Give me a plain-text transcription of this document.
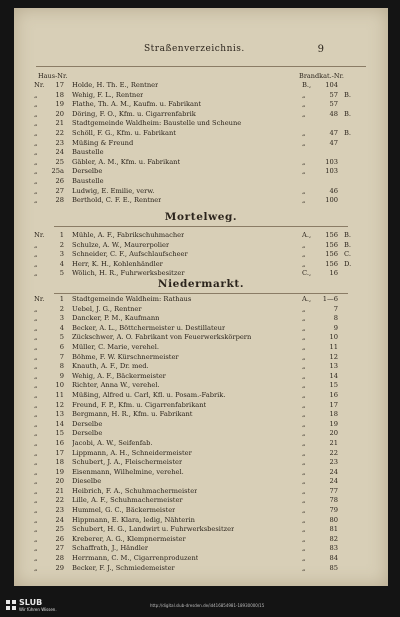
Straßenverzeichnis.	9
Haus-Nr.	Brandkat.-Nr.
Nr.	17 Holde, H. Th. E., Rentner	B.,	104
„	18 Wehig, F. L., Rentner	„	57 B.
„	19 Flathe, Th. A. M., Kaufm. u. Fabrikant	„	57
„	20 Döring, F. O., Kfm. u. Cigarrenfabrik	„	48 B.
„	21 Stadtgemeinde Waldheim: Baustelle und Scheune
„	22 Schöll, F. G., Kfm. u. Fabrikant	„	47 B.
„	23 Müßing & Freund	„	47
„	24 Baustelle
„	25 Gäbler, A. M., Kfm. u. Fabrikant	„	103
„	25a Derselbe	„	103
„	26 Baustelle
„	27 Ludwig, E. Emilie, verw.	„	46
„	28 Berthold, C. F. E., Rentner	„	100
Mortelweg.
Nr.	1 Mühle, A. F., Fabrikschuhmacher	A.,	156 B.
„	2 Schulze, A. W., Maurerpolier	„	156 B.
„	3 Schneider, C. F., Aufschlaufscheer	„	156 C.
„	4 Herr, K. H., Kohlenhändler	„	156 D.
„	5 Wölich, H. R., Fuhrwerksbesitzer	C.,	16
Niedermarkt.
Nr.	1 Stadtgemeinde Waldheim: Rathaus	A.,	1—6
„	2 Uebel, J. G., Rentner	„	7
„	3 Dancker, P. M., Kaufmann	„	8
„	4 Becker, A. L., Böttchermeister u. Destillateur	„	9
„	5 Zückschwer, A. O. Fabrikant von Feuerwerkskörpern	„	10
„	6 Müller, C. Marie, verehel.	„	11
„	7 Böhme, F. W. Kürschnermeister	„	12
„	8 Knauth, A. F., Dr. med.	„	13
„	9 Wehig, A. F., Bäckermeister	„	14
„	10 Richter, Anna W., verehel.	„	15
„	11 Müßing, Alfred u. Carl, Kfl. u. Posam.-Fabrik.	„	16
„	12 Freund, F. P., Kfm. u. Cigarrenfabrikant	„	17
„	13 Bergmann, H. R., Kfm. u. Fabrikant	„	18
„	14 Derselbe	„	19
„	15 Derselbe	„	20
„	16 Jacobi, A. W., Seifenfab.	„	21
„	17 Lippmann, A. H., Schneidermeister	„	22
„	18 Schubert, J. A., Fleischermeister	„	23
„	19 Eisenmann, Wilhelmine, verehel.	„	24
„	20 Dieselbe	„	24
„	21 Heibrich, F. A., Schuhmachermeister	„	77
„	22 Lille, A. F., Schuhmachermeister	„	78
„	23 Hummel, G. C., Bäckermeister	„	79
„	24 Hippmann, E. Klara, ledig, Nähterin	„	80
„	25 Schubert, H. G., Landwirt u. Fuhrwerksbesitzer	„	81
„	26 Kreberer, A. G., Klempnermeister	„	82
„	27 Schaffrath, J., Händler	„	83
„	28 Herrmann, C. M., Cigarrenproduzent	„	84
„	29 Becker, F. J., Schmiedemeister	„	85
SLUB
Wir führen Wissen.
http://digital.slub-dresden.de/id416854981-18930000/15
